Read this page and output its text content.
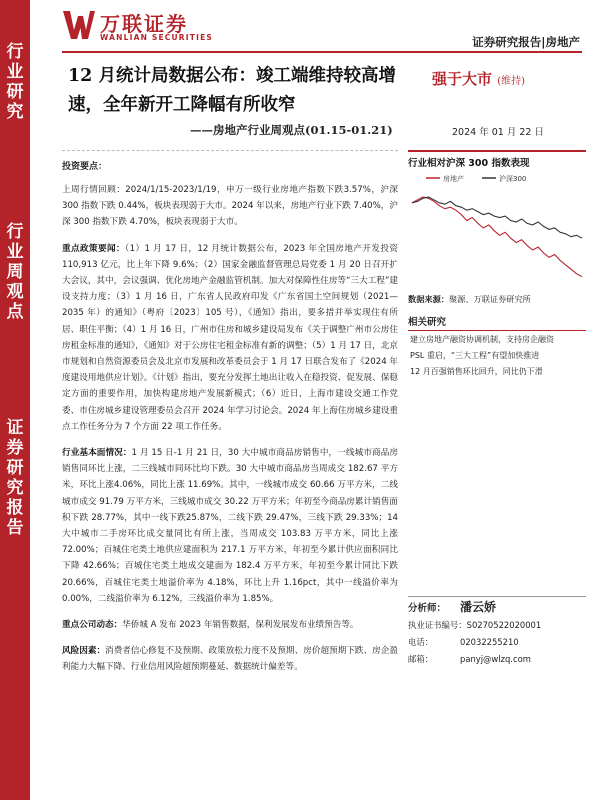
行
业
研
究
行
业
周
观
点
证
券
研
究
报
告
万联证券
WANLIAN SECURITIES	证券研究报告|房地产
12 月统计局数据公布：竣工端维持较高增速，全年新开工降幅有所收窄
——房地产行业周观点(01.15-01.21)
强于大市 (维持)
2024 年 01 月 22 日
投资要点：
上周行情回顾：2024/1/15-2023/1/19，申万一级行业房地产指数下跌3.57%，沪深 300 指数下跌 0.44%，板块表现弱于大市。2024 年以来，房地产行业下跌 7.40%，沪深 300 指数下跌 4.70%，板块表现弱于大市。
重点政策要闻：（1）1 月 17 日，12 月统计数据公布，2023 年全国房地产开发投资 110,913 亿元，比上年下降 9.6%；（2）国家金融监督管理总局党委 1 月 20 日召开扩大会议，其中，会议强调、优化房地产金融监管机制。加大对保障性住房等“三大工程”建设支持力度；（3）1 月 16 日，广东省人民政府印发《广东省国土空间规划（2021—2035 年）的通知》（粤府〔2023〕105 号），《通知》指出，要多措并举实现住有所居、职住平衡；（4）1 月 16 日，广州市住房和城乡建设局发布《关于调整广州市公房住房租金标准的通知》，《通知》对于公房住宅租金标准有新的调整；（5）1 月 17 日，北京市规划和自然资源委员会及北京市发展和改革委员会于 1 月 17 日联合发布了《2024 年度建设用地供应计划》。《计划》指出，要充分发挥土地出让收入在稳投资、促发展、保稳定方面的重要作用，加快构建房地产发展新模式；（6）近日，上海市建设交通工作党委、市住房城乡建设管理委员会召开 2024 年学习讨论会。2024 年上海住房城乡建设重点工作任务分为 7 个方面 22 项工作任务。
行业基本面情况：1 月 15 日-1 月 21 日，30 大中城市商品房销售中，一线城市商品房销售同环比上涨，二三线城市同环比均下跌。30 大中城市商品房当周成交 182.67 平方米，环比上涨4.06%，同比上涨 11.69%。其中，一线城市成交 60.66 万平方米，二线城市成交 91.79 万平方米，三线城市成交 30.22 万平方米；年初至今商品房累计销售面积下跌 28.77%，其中一线下跌25.87%，二线下跌 29.47%，三线下跌 29.33%；14 大中城市二手房环比成交量同比有所上涨，当周成交 103.83 万平方米，同比上涨 72.00%；百城住宅类土地供应建面积为 217.1 万平方米，年初至今累计供应面积同比下降 42.66%；百城住宅类土地成交建面为 182.4 万平方米，年初至今累计同比下跌 20.66%，百城住宅类土地溢价率为 4.18%，环比上升 1.16pct，其中一线溢价率为 0.00%，二线溢价率为 6.12%，三线溢价率为 1.85%。
重点公司动态：华侨城 A 发布 2023 年销售数据，保利发展发布业绩预告等。
风险因素：消费者信心修复不及预期、政策放松力度不及预期、房价超预期下跌、房企盈利能力大幅下降、行业信用风险超预期蔓延、数据统计偏差等。
行业相对沪深 300 指数表现
房地产	沪深300
数据来源：聚源、万联证券研究所
相关研究
建立房地产融资协调机制，支持房企融资
PSL 重启，“三大工程”有望加快推进
12 月百强销售环比回升，同比仍下滑
分析师： 潘云娇
执业证书编号：S0270522020001
电话：	02032255210
邮箱：	panyj@wlzq.com
